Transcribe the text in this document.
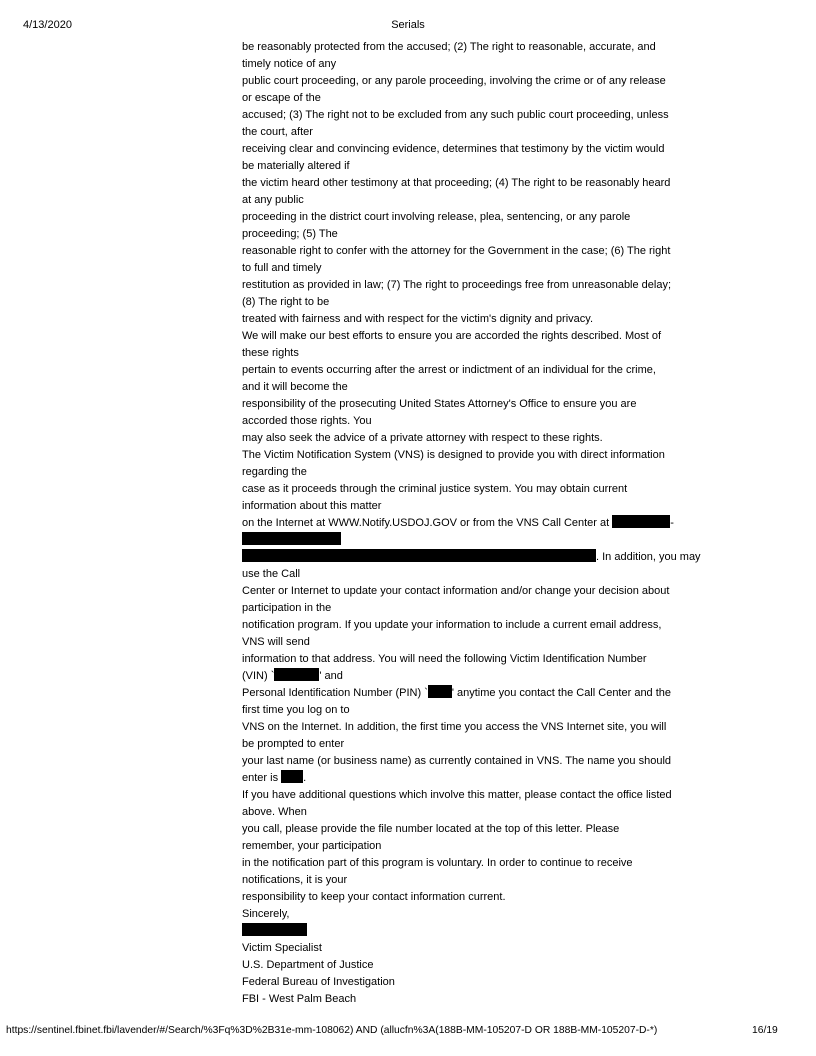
4/13/2020	Serials
be reasonably protected from the accused; (2) The right to reasonable, accurate, and
timely notice of any
public court proceeding, or any parole proceeding, involving the crime or of any release
or escape of the
accused; (3) The right not to be excluded from any such public court proceeding, unless
the court, after
receiving clear and convincing evidence, determines that testimony by the victim would
be materially altered if
the victim heard other testimony at that proceeding; (4) The right to be reasonably heard
at any public
proceeding in the district court involving release, plea, sentencing, or any parole
proceeding; (5) The
reasonable right to confer with the attorney for the Government in the case; (6) The right
to full and timely
restitution as provided in law; (7) The right to proceedings free from unreasonable delay;
(8) The right to be
treated with fairness and with respect for the victim's dignity and privacy.
We will make our best efforts to ensure you are accorded the rights described. Most of
these rights
pertain to events occurring after the arrest or indictment of an individual for the crime,
and it will become the
responsibility of the prosecuting United States Attorney's Office to ensure you are
accorded those rights. You
may also seek the advice of a private attorney with respect to these rights.
The Victim Notification System (VNS) is designed to provide you with direct information
regarding the
case as it proceeds through the criminal justice system. You may obtain current
information about this matter
on the Internet at WWW.Notify.USDOJ.GOV or from the VNS Call Center at	-
. In addition, you may
use the Call
Center or Internet to update your contact information and/or change your decision about
participation in the
notification program. If you update your information to include a current email address,
VNS will send
information to that address. You will need the following Victim Identification Number
(VIN) `	' and
Personal Identification Number (PIN) ` ' anytime you contact the Call Center and the
first time you log on to
VNS on the Internet. In addition, the first time you access the VNS Internet site, you will
be prompted to enter
your last name (or business name) as currently contained in VNS. The name you should
enter is .
If you have additional questions which involve this matter, please contact the office listed
above. When
you call, please provide the file number located at the top of this letter. Please
remember, your participation
in the notification part of this program is voluntary. In order to continue to receive
notifications, it is your
responsibility to keep your contact information current.
Sincerely,
Victim Specialist
U.S. Department of Justice
Federal Bureau of Investigation
FBI - West Palm Beach
https://sentinel.fbinet.fbi/lavender/#/Search/%3Fq%3D%2B31e-mm-108062) AND (allucfn%3A(188B-MM-105207-D OR 188B-MM-105207-D-*)	16/19
